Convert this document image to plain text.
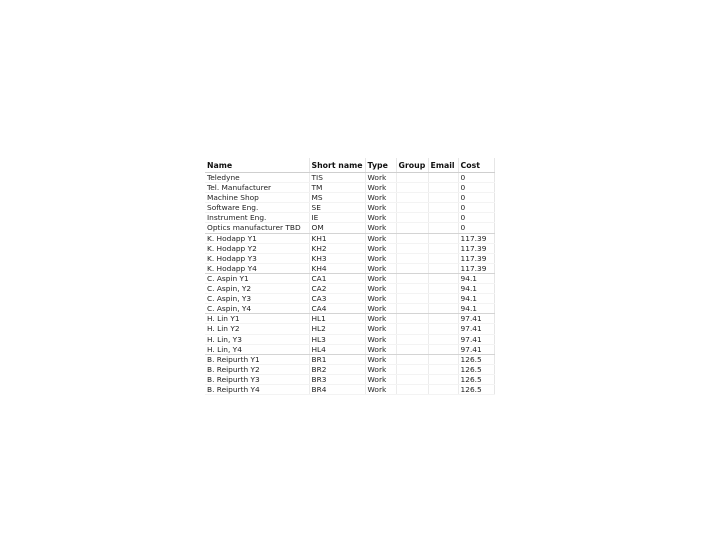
Name	Short name	Type	Group	Email	Cost
Teledyne	TIS	Work			0
Tel. Manufacturer	TM	Work			0
Machine Shop	MS	Work			0
Software Eng.	SE	Work			0
Instrument Eng.	IE	Work			0
Optics manufacturer TBD	OM	Work			0
K. Hodapp Y1	KH1	Work			117.39
K. Hodapp Y2	KH2	Work			117.39
K. Hodapp Y3	KH3	Work			117.39
K. Hodapp Y4	KH4	Work			117.39
C. Aspin Y1	CA1	Work			94.1
C. Aspin, Y2	CA2	Work			94.1
C. Aspin, Y3	CA3	Work			94.1
C. Aspin, Y4	CA4	Work			94.1
H. Lin Y1	HL1	Work			97.41
H. Lin Y2	HL2	Work			97.41
H. Lin, Y3	HL3	Work			97.41
H. Lin, Y4	HL4	Work			97.41
B. Reipurth Y1	BR1	Work			126.5
B. Reipurth Y2	BR2	Work			126.5
B. Reipurth Y3	BR3	Work			126.5
B. Reipurth Y4	BR4	Work			126.5
